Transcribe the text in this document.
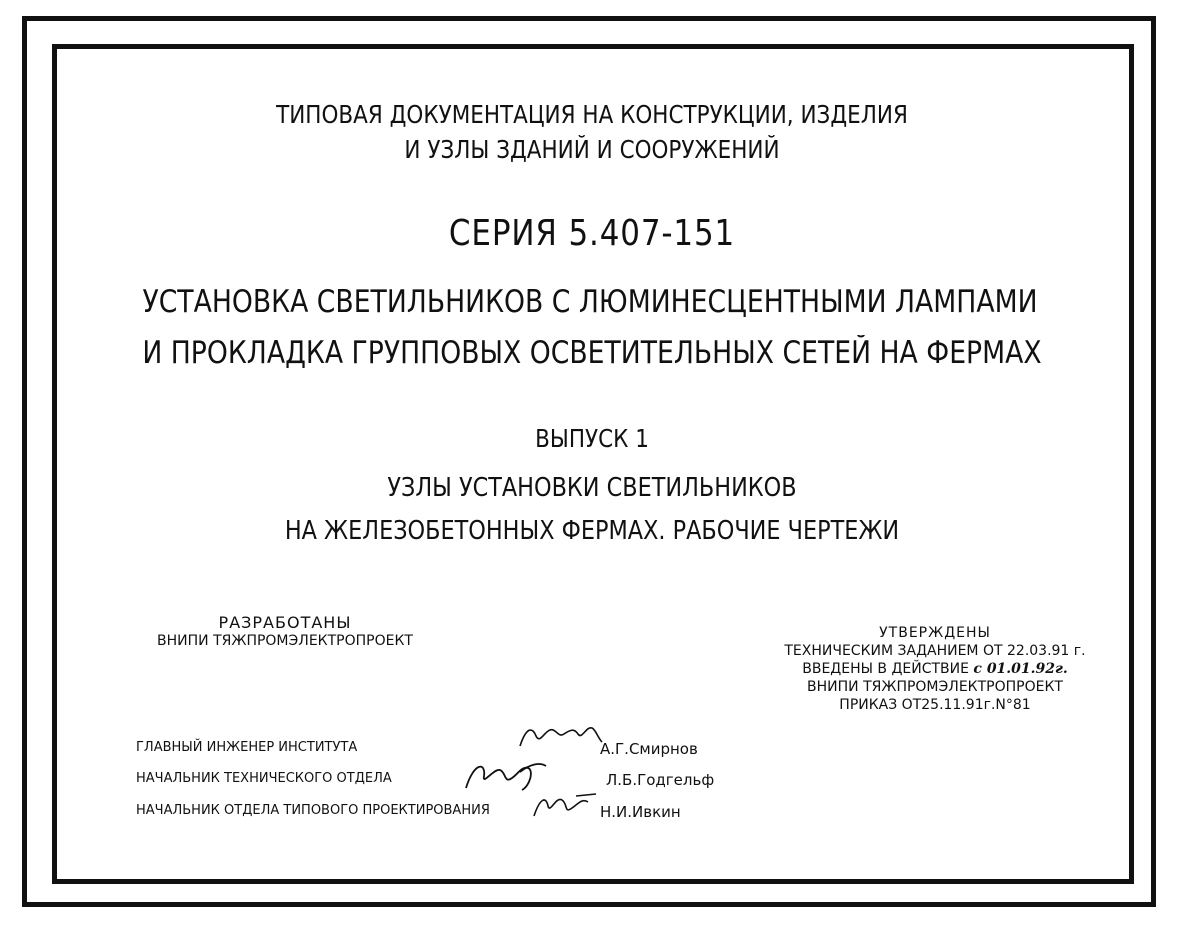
ТИПОВАЯ ДОКУМЕНТАЦИЯ НА КОНСТРУКЦИИ, ИЗДЕЛИЯ
И УЗЛЫ ЗДАНИЙ И СООРУЖЕНИЙ
СЕРИЯ 5.407-151
УСТАНОВКА СВЕТИЛЬНИКОВ С ЛЮМИНЕСЦЕНТНЫМИ ЛАМПАМИ
И ПРОКЛАДКА ГРУППОВЫХ ОСВЕТИТЕЛЬНЫХ СЕТЕЙ НА ФЕРМАХ
ВЫПУСК 1
УЗЛЫ УСТАНОВКИ СВЕТИЛЬНИКОВ
НА ЖЕЛЕЗОБЕТОННЫХ ФЕРМАХ. РАБОЧИЕ ЧЕРТЕЖИ
РАЗРАБОТАНЫ
ВНИПИ ТЯЖПРОМЭЛЕКТРОПРОЕКТ	УТВЕРЖДЕНЫ
ТЕХНИЧЕСКИМ ЗАДАНИЕМ ОТ 22.03.91 г.
ВВЕДЕНЫ В ДЕЙСТВИЕ с 01.01.92г.
ВНИПИ ТЯЖПРОМЭЛЕКТРОПРОЕКТ
ПРИКАЗ ОТ25.11.91г.N°81
ГЛАВНЫЙ ИНЖЕНЕР ИНСТИТУТА
НАЧАЛЬНИК ТЕХНИЧЕСКОГО ОТДЕЛА
НАЧАЛЬНИК ОТДЕЛА ТИПОВОГО ПРОЕКТИРОВАНИЯ
А.Г.Смирнов
Л.Б.Годгельф
Н.И.Ивкин
